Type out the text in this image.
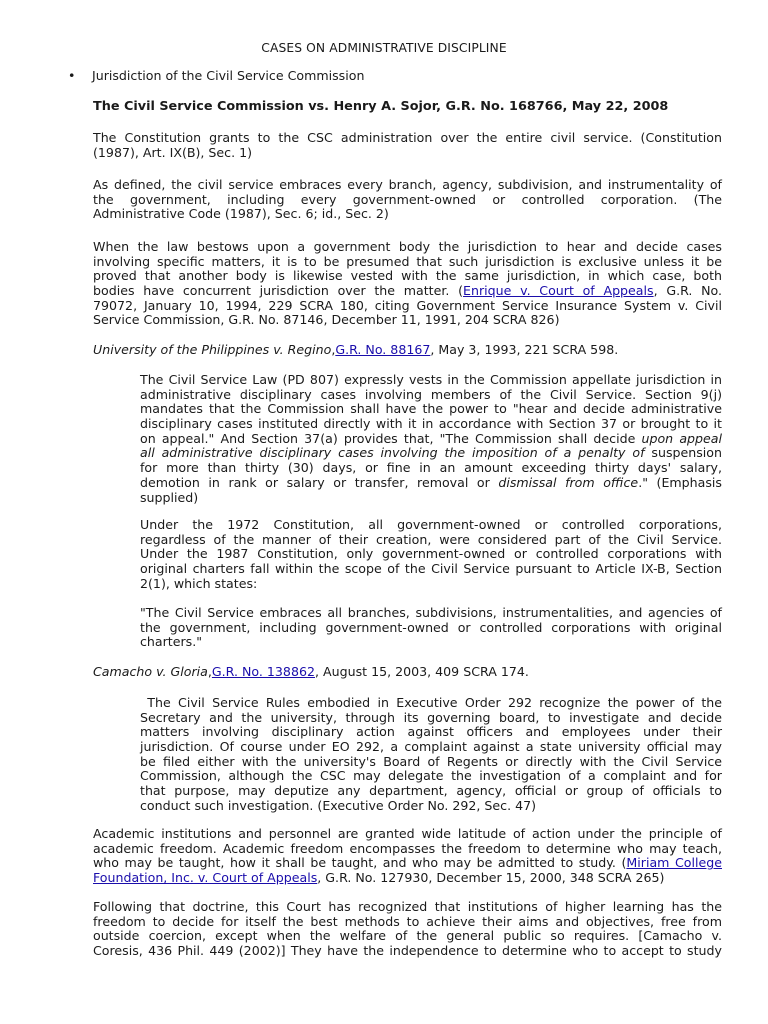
CASES ON ADMINISTRATIVE DISCIPLINE
• Jurisdiction of the Civil Service Commission
The Civil Service Commission vs. Henry A. Sojor, G.R. No. 168766, May 22, 2008
The Constitution grants to the CSC administration over the entire civil service. (Constitution
(1987), Art. IX(B), Sec. 1)
As defined, the civil service embraces every branch, agency, subdivision, and instrumentality of
the government, including every government-owned or controlled corporation. (The
Administrative Code (1987), Sec. 6; id., Sec. 2)
When the law bestows upon a government body the jurisdiction to hear and decide cases
involving specific matters, it is to be presumed that such jurisdiction is exclusive unless it be
proved that another body is likewise vested with the same jurisdiction, in which case, both
bodies have concurrent jurisdiction over the matter. (Enrique v. Court of Appeals, G.R. No.
79072, January 10, 1994, 229 SCRA 180, citing Government Service Insurance System v. Civil
Service Commission, G.R. No. 87146, December 11, 1991, 204 SCRA 826)
University of the Philippines v. Regino,G.R. No. 88167, May 3, 1993, 221 SCRA 598.
The Civil Service Law (PD 807) expressly vests in the Commission appellate jurisdiction in
administrative disciplinary cases involving members of the Civil Service. Section 9(j)
mandates that the Commission shall have the power to "hear and decide administrative
disciplinary cases instituted directly with it in accordance with Section 37 or brought to it
on appeal." And Section 37(a) provides that, "The Commission shall decide upon appeal
all administrative disciplinary cases involving the imposition of a penalty of suspension
for more than thirty (30) days, or fine in an amount exceeding thirty days' salary,
demotion in rank or salary or transfer, removal or dismissal from office." (Emphasis
supplied)
Under the 1972 Constitution, all government-owned or controlled corporations,
regardless of the manner of their creation, were considered part of the Civil Service.
Under the 1987 Constitution, only government-owned or controlled corporations with
original charters fall within the scope of the Civil Service pursuant to Article IX-B, Section
2(1), which states:
"The Civil Service embraces all branches, subdivisions, instrumentalities, and agencies of
the government, including government-owned or controlled corporations with original
charters."
Camacho v. Gloria,G.R. No. 138862, August 15, 2003, 409 SCRA 174.
The Civil Service Rules embodied in Executive Order 292 recognize the power of the
Secretary and the university, through its governing board, to investigate and decide
matters involving disciplinary action against officers and employees under their
jurisdiction. Of course under EO 292, a complaint against a state university official may
be filed either with the university's Board of Regents or directly with the Civil Service
Commission, although the CSC may delegate the investigation of a complaint and for
that purpose, may deputize any department, agency, official or group of officials to
conduct such investigation. (Executive Order No. 292, Sec. 47)
Academic institutions and personnel are granted wide latitude of action under the principle of
academic freedom. Academic freedom encompasses the freedom to determine who may teach,
who may be taught, how it shall be taught, and who may be admitted to study. (Miriam College
Foundation, Inc. v. Court of Appeals, G.R. No. 127930, December 15, 2000, 348 SCRA 265)
Following that doctrine, this Court has recognized that institutions of higher learning has the
freedom to decide for itself the best methods to achieve their aims and objectives, free from
outside coercion, except when the welfare of the general public so requires. [Camacho v.
Coresis, 436 Phil. 449 (2002)] They have the independence to determine who to accept to study
